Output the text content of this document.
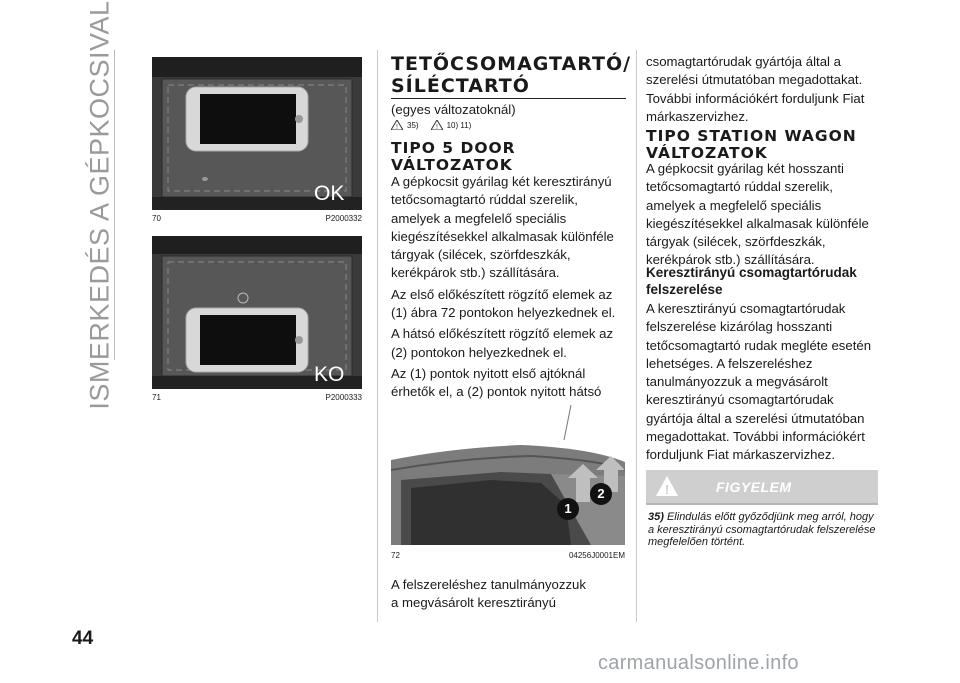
ISMERKEDÉS A GÉPKOCSIVAL
44
OK
70	P2000332
KO
71	P2000333
TETŐCSOMAGTARTÓ/ SÍLÉCTARTÓ
(egyes változatoknál)
! 35) ! 10) 11)
TIPO 5 DOOR VÁLTOZATOK

A gépkocsit gyárilag két keresztirányú tetőcsomagtartó rúddal szerelik, amelyek a megfelelő speciális kiegészítésekkel alkalmasak különféle tárgyak (silécek, szörfdeszkák, kerékpárok stb.) szállítására.

Az első előkészített rögzítő elemek az (1) ábra 72 pontokon helyezkednek el.

A hátsó előkészített rögzítő elemek az (2) pontokon helyezkednek el.

Az (1) pontok nyitott első ajtóknál érhetők el, a (2) pontok nyitott hátsó

1
2
72	04256J0001EM
A felszereléshez tanulmányozzuk a megvásárolt keresztirányú
csomagtartórudak gyártója által a szerelési útmutatóban megadottakat. További információkért forduljunk Fiat márkaszervizhez.
TIPO STATION WAGON VÁLTOZATOK
A gépkocsit gyárilag két hosszanti tetőcsomagtartó rúddal szerelik, amelyek a megfelelő speciális kiegészítésekkel alkalmasak különféle tárgyak (silécek, szörfdeszkák, kerékpárok stb.) szállítására.
Keresztirányú csomagtartórudak felszerelése
A keresztirányú csomagtartórudak felszerelése kizárólag hosszanti tetőcsomagtartó rudak megléte esetén lehetséges. A felszereléshez tanulmányozzuk a megvásárolt keresztirányú csomagtartórudak gyártója által a szerelési útmutatóban megadottakat. További információkért forduljunk Fiat márkaszervizhez.
!	FIGYELEM
35) Elindulás előtt győződjünk meg arról, hogy a keresztirányú csomagtartórudak felszerelése megfelelően történt.
carmanualsonline.info
